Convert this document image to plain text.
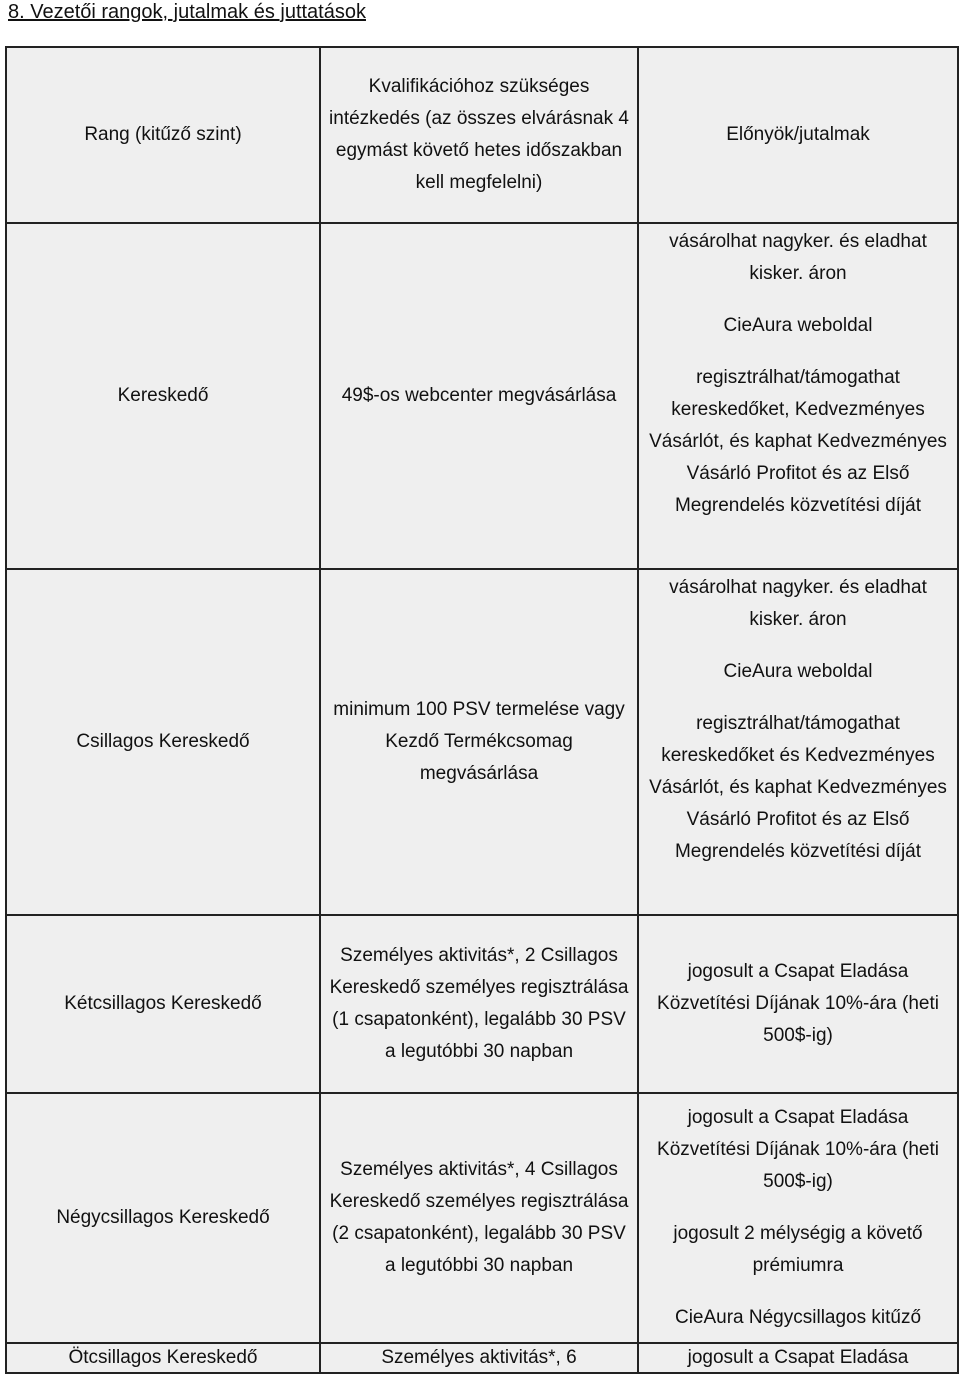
8. Vezetői rangok, jutalmak és juttatások
Rang (kitűző szint)	Kvalifikációhoz szükséges intézkedés (az összes elvárásnak 4 egymást követő hetes időszakban kell megfelelni)	Előnyök/jutalmak
Kereskedő	49$-os webcenter megvásárlása	vásárolhat nagyker. és eladhat kisker. áron

CieAura weboldal

regisztrálhat/támogathat kereskedőket, Kedvezményes Vásárlót, és kaphat Kedvezményes Vásárló Profitot és az Első Megrendelés közvetítési díját

Csillagos Kereskedő	minimum 100 PSV termelése vagy Kezdő Termékcsomag megvásárlása	vásárolhat nagyker. és eladhat kisker. áron

CieAura weboldal

regisztrálhat/támogathat kereskedőket és Kedvezményes Vásárlót, és kaphat Kedvezményes Vásárló Profitot és az Első Megrendelés közvetítési díját

Kétcsillagos Kereskedő	Személyes aktivitás*, 2 Csillagos Kereskedő személyes regisztrálása (1 csapatonként), legalább 30 PSV a legutóbbi 30 napban	jogosult a Csapat Eladása Közvetítési Díjának 10%-ára (heti 500$-ig)

Négycsillagos Kereskedő	Személyes aktivitás*, 4 Csillagos Kereskedő személyes regisztrálása (2 csapatonként), legalább 30 PSV a legutóbbi 30 napban	jogosult a Csapat Eladása Közvetítési Díjának 10%-ára (heti 500$-ig)

jogosult 2 mélységig a követő prémiumra

CieAura Négycsillagos kitűző

Ötcsillagos Kereskedő	Személyes aktivitás*, 6	jogosult a Csapat Eladása
